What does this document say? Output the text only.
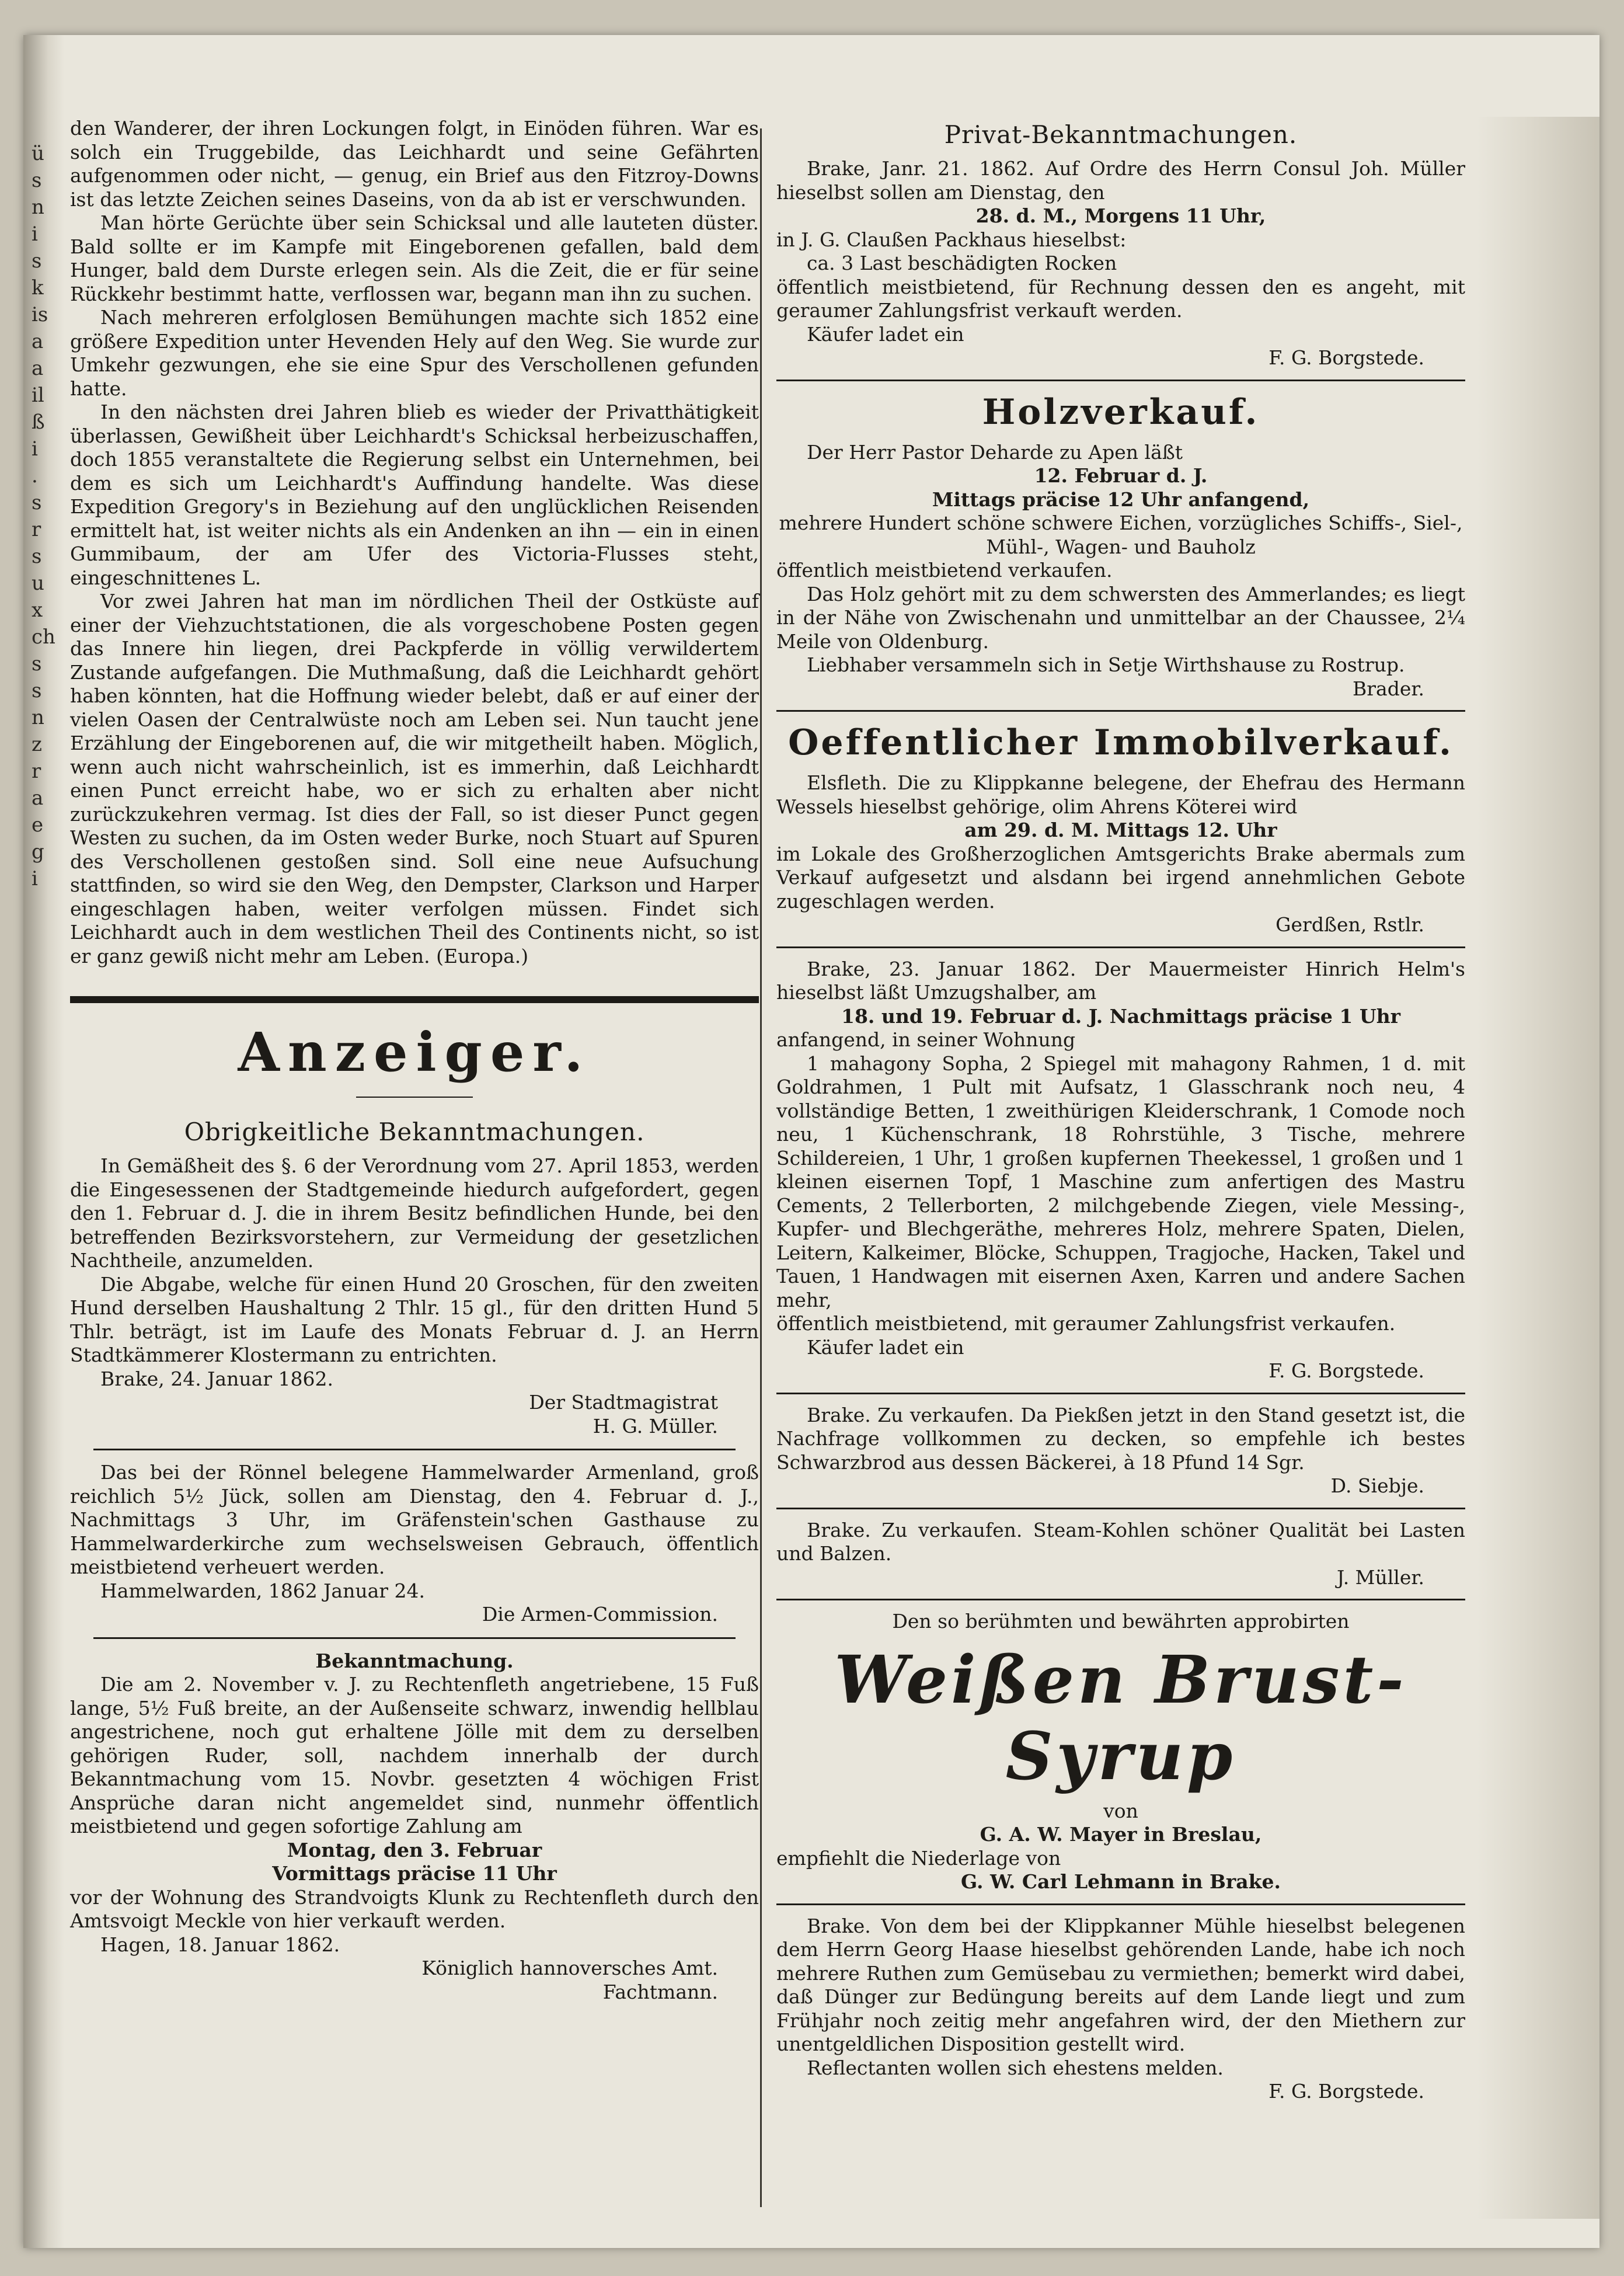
ü
s
n
i
s
k
is
a
a
il
ß
i
.
s
r
s
u
x
ch
s
s
n
z
r
a
e
g
i

den Wanderer, der ihren Lockungen folgt, in Einöden führen. War es solch ein Truggebilde, das Leichhardt und seine Gefährten aufgenommen oder nicht, — genug, ein Brief aus den Fitzroy-Downs ist das letzte Zeichen seines Daseins, von da ab ist er verschwunden.

Man hörte Gerüchte über sein Schicksal und alle lauteten düster. Bald sollte er im Kampfe mit Eingeborenen gefallen, bald dem Hunger, bald dem Durste erlegen sein. Als die Zeit, die er für seine Rückkehr bestimmt hatte, verflossen war, begann man ihn zu suchen.

Nach mehreren erfolglosen Bemühungen machte sich 1852 eine größere Expedition unter Hevenden Hely auf den Weg. Sie wurde zur Umkehr gezwungen, ehe sie eine Spur des Verschollenen gefunden hatte.

In den nächsten drei Jahren blieb es wieder der Privatthätigkeit überlassen, Gewißheit über Leichhardt's Schicksal herbeizuschaffen, doch 1855 veranstaltete die Regierung selbst ein Unternehmen, bei dem es sich um Leichhardt's Auffindung handelte. Was diese Expedition Gregory's in Beziehung auf den unglücklichen Reisenden ermittelt hat, ist weiter nichts als ein Andenken an ihn — ein in einen Gummibaum, der am Ufer des Victoria-Flusses steht, eingeschnittenes L.

Vor zwei Jahren hat man im nördlichen Theil der Ostküste auf einer der Viehzuchtstationen, die als vorgeschobene Posten gegen das Innere hin liegen, drei Packpferde in völlig verwildertem Zustande aufgefangen. Die Muthmaßung, daß die Leichhardt gehört haben könnten, hat die Hoffnung wieder belebt, daß er auf einer der vielen Oasen der Centralwüste noch am Leben sei. Nun taucht jene Erzählung der Eingeborenen auf, die wir mitgetheilt haben. Möglich, wenn auch nicht wahrscheinlich, ist es immerhin, daß Leichhardt einen Punct erreicht habe, wo er sich zu erhalten aber nicht zurückzukehren vermag. Ist dies der Fall, so ist dieser Punct gegen Westen zu suchen, da im Osten weder Burke, noch Stuart auf Spuren des Verschollenen gestoßen sind. Soll eine neue Aufsuchung stattfinden, so wird sie den Weg, den Dempster, Clarkson und Harper eingeschlagen haben, weiter verfolgen müssen. Findet sich Leichhardt auch in dem westlichen Theil des Continents nicht, so ist er ganz gewiß nicht mehr am Leben. (Europa.)

Anzeiger.
Obrigkeitliche Bekanntmachungen.

In Gemäßheit des §. 6 der Verordnung vom 27. April 1853, werden die Eingesessenen der Stadtgemeinde hiedurch aufgefordert, gegen den 1. Februar d. J. die in ihrem Besitz befindlichen Hunde, bei den betreffenden Bezirksvorstehern, zur Vermeidung der gesetzlichen Nachtheile, anzumelden.

Die Abgabe, welche für einen Hund 20 Groschen, für den zweiten Hund derselben Haushaltung 2 Thlr. 15 gl., für den dritten Hund 5 Thlr. beträgt, ist im Laufe des Monats Februar d. J. an Herrn Stadtkämmerer Klostermann zu entrichten.

Brake, 24. Januar 1862.

Der Stadtmagistrat

H. G. Müller.

Das bei der Rönnel belegene Hammelwarder Armenland, groß reichlich 5½ Jück, sollen am Dienstag, den 4. Februar d. J., Nachmittags 3 Uhr, im Gräfenstein'schen Gasthause zu Hammelwarderkirche zum wechselsweisen Gebrauch, öffentlich meistbietend verheuert werden.

Hammelwarden, 1862 Januar 24.

Die Armen-Commission.

Bekanntmachung.

Die am 2. November v. J. zu Rechtenfleth angetriebene, 15 Fuß lange, 5½ Fuß breite, an der Außenseite schwarz, inwendig hellblau angestrichene, noch gut erhaltene Jölle mit dem zu derselben gehörigen Ruder, soll, nachdem innerhalb der durch Bekanntmachung vom 15. Novbr. gesetzten 4 wöchigen Frist Ansprüche daran nicht angemeldet sind, nunmehr öffentlich meistbietend und gegen sofortige Zahlung am

Montag, den 3. Februar

Vormittags präcise 11 Uhr

vor der Wohnung des Strandvoigts Klunk zu Rechtenfleth durch den Amtsvoigt Meckle von hier verkauft werden.

Hagen, 18. Januar 1862.

Königlich hannoversches Amt.

Fachtmann.

Privat-Bekanntmachungen.

Brake, Janr. 21. 1862. Auf Ordre des Herrn Consul Joh. Müller hieselbst sollen am Dienstag, den

28. d. M., Morgens 11 Uhr,

in J. G. Claußen Packhaus hieselbst:

ca. 3 Last beschädigten Rocken

öffentlich meistbietend, für Rechnung dessen den es angeht, mit geraumer Zahlungsfrist verkauft werden.

Käufer ladet ein

F. G. Borgstede.

Holzverkauf.

Der Herr Pastor Deharde zu Apen läßt

12. Februar d. J.

Mittags präcise 12 Uhr anfangend,

mehrere Hundert schöne schwere Eichen, vorzügliches Schiffs-, Siel-, Mühl-, Wagen- und Bauholz

öffentlich meistbietend verkaufen.

Das Holz gehört mit zu dem schwersten des Ammerlandes; es liegt in der Nähe von Zwischenahn und unmittelbar an der Chaussee, 2¼ Meile von Oldenburg.

Liebhaber versammeln sich in Setje Wirthshause zu Rostrup.

Brader.

Oeffentlicher Immobilverkauf.

Elsfleth. Die zu Klippkanne belegene, der Ehefrau des Hermann Wessels hieselbst gehörige, olim Ahrens Köterei wird

am 29. d. M. Mittags 12. Uhr

im Lokale des Großherzoglichen Amtsgerichts Brake abermals zum Verkauf aufgesetzt und alsdann bei irgend annehmlichen Gebote zugeschlagen werden.

Gerdßen, Rstlr.

Brake, 23. Januar 1862. Der Mauermeister Hinrich Helm's hieselbst läßt Umzugshalber, am

18. und 19. Februar d. J. Nachmittags präcise 1 Uhr

anfangend, in seiner Wohnung

1 mahagony Sopha, 2 Spiegel mit mahagony Rahmen, 1 d. mit Goldrahmen, 1 Pult mit Aufsatz, 1 Glasschrank noch neu, 4 vollständige Betten, 1 zweithürigen Kleiderschrank, 1 Comode noch neu, 1 Küchenschrank, 18 Rohrstühle, 3 Tische, mehrere Schildereien, 1 Uhr, 1 großen kupfernen Theekessel, 1 großen und 1 kleinen eisernen Topf, 1 Maschine zum anfertigen des Mastru Cements, 2 Tellerborten, 2 milchgebende Ziegen, viele Messing-, Kupfer- und Blechgeräthe, mehreres Holz, mehrere Spaten, Dielen, Leitern, Kalkeimer, Blöcke, Schuppen, Tragjoche, Hacken, Takel und Tauen, 1 Handwagen mit eisernen Axen, Karren und andere Sachen mehr,

öffentlich meistbietend, mit geraumer Zahlungsfrist verkaufen.

Käufer ladet ein

F. G. Borgstede.

Brake. Zu verkaufen. Da Piekßen jetzt in den Stand gesetzt ist, die Nachfrage vollkommen zu decken, so empfehle ich bestes Schwarzbrod aus dessen Bäckerei, à 18 Pfund 14 Sgr.

D. Siebje.

Brake. Zu verkaufen. Steam-Kohlen schöner Qualität bei Lasten und Balzen.

J. Müller.

Den so berühmten und bewährten approbirten

Weißen Brust-Syrup

von

G. A. W. Mayer in Breslau,

empfiehlt die Niederlage von

G. W. Carl Lehmann in Brake.

Brake. Von dem bei der Klippkanner Mühle hieselbst belegenen dem Herrn Georg Haase hieselbst gehörenden Lande, habe ich noch mehrere Ruthen zum Gemüsebau zu vermiethen; bemerkt wird dabei, daß Dünger zur Bedüngung bereits auf dem Lande liegt und zum Frühjahr noch zeitig mehr angefahren wird, der den Miethern zur unentgeldlichen Disposition gestellt wird.

Reflectanten wollen sich ehestens melden.

F. G. Borgstede.
